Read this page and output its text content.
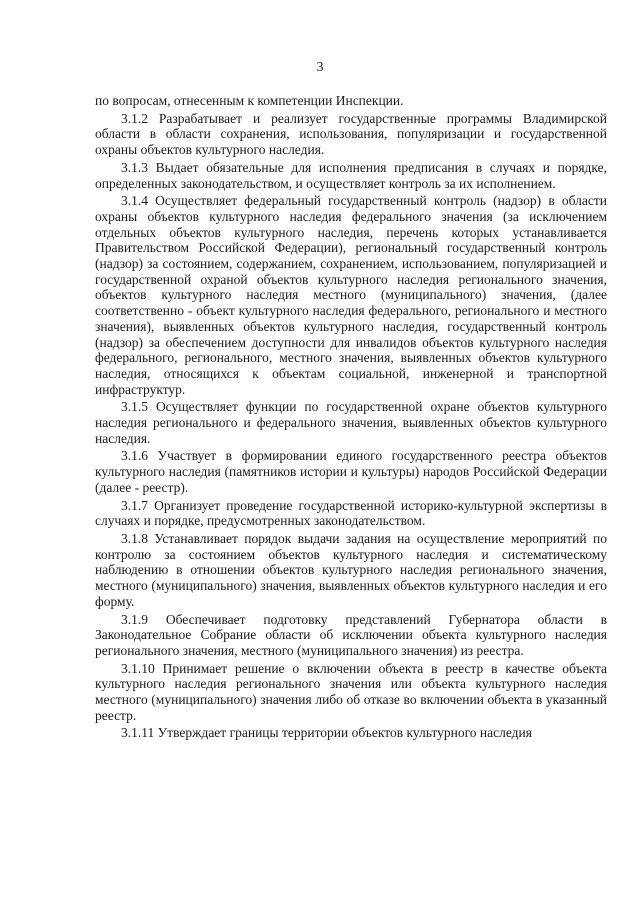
3

по вопросам, отнесенным к компетенции Инспекции.

3.1.2 Разрабатывает и реализует государственные программы Владимирской области в области сохранения, использования, популяризации и государственной охраны объектов культурного наследия.

3.1.3 Выдает обязательные для исполнения предписания в случаях и порядке, определенных законодательством, и осуществляет контроль за их исполнением.

3.1.4 Осуществляет федеральный государственный контроль (надзор) в области охраны объектов культурного наследия федерального значения (за исключением отдельных объектов культурного наследия, перечень которых устанавливается Правительством Российской Федерации), региональный государственный контроль (надзор) за состоянием, содержанием, сохранением, использованием, популяризацией и государственной охраной объектов культурного наследия регионального значения, объектов культурного наследия местного (муниципального) значения, (далее соответственно - объект культурного наследия федерального, регионального и местного значения), выявленных объектов культурного наследия, государственный контроль (надзор) за обеспечением доступности для инвалидов объектов культурного наследия федерального, регионального, местного значения, выявленных объектов культурного наследия, относящихся к объектам социальной, инженерной и транспортной инфраструктур.

3.1.5 Осуществляет функции по государственной охране объектов культурного наследия регионального и федерального значения, выявленных объектов культурного наследия.

3.1.6 Участвует в формировании единого государственного реестра объектов культурного наследия (памятников истории и культуры) народов Российской Федерации (далее - реестр).

3.1.7 Организует проведение государственной историко-культурной экспертизы в случаях и порядке, предусмотренных законодательством.

3.1.8 Устанавливает порядок выдачи задания на осуществление мероприятий по контролю за состоянием объектов культурного наследия и систематическому наблюдению в отношении объектов культурного наследия регионального значения, местного (муниципального) значения, выявленных объектов культурного наследия и его форму.

3.1.9 Обеспечивает подготовку представлений Губернатора области в Законодательное Собрание области об исключении объекта культурного наследия регионального значения, местного (муниципального значения) из реестра.

3.1.10 Принимает решение о включении объекта в реестр в качестве объекта культурного наследия регионального значения или объекта культурного наследия местного (муниципального) значения либо об отказе во включении объекта в указанный реестр.

3.1.11 Утверждает границы территории объектов культурного наследия
